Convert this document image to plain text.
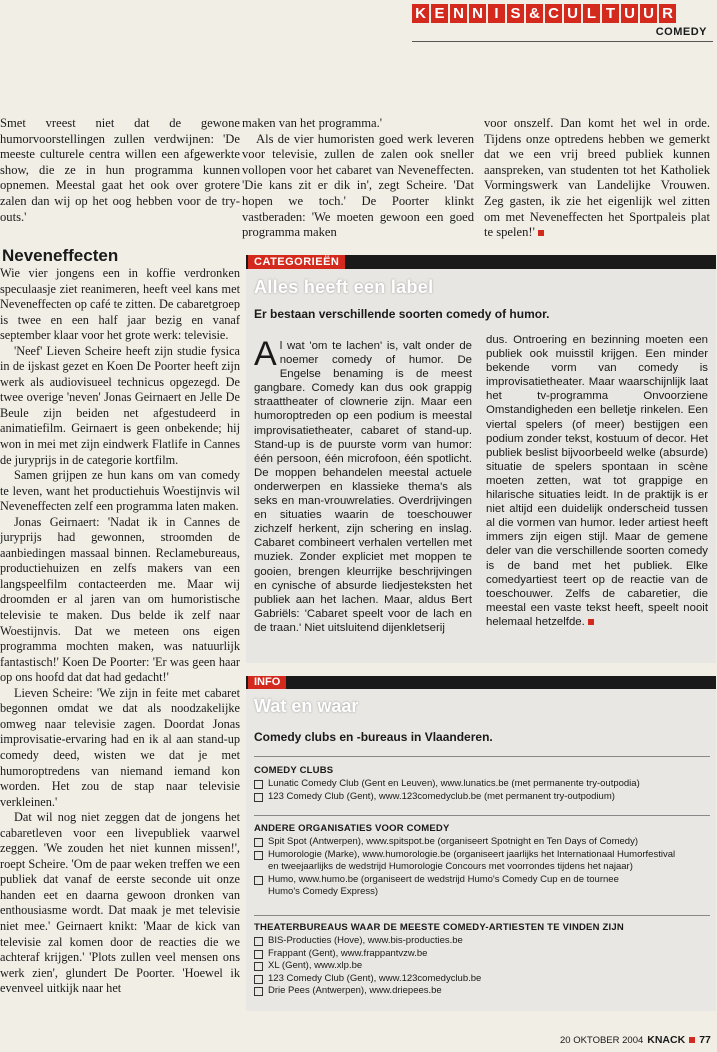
K E N N I S & C U L T U U R
COMEDY

Smet vreest niet dat de gewone humorvoorstellingen zullen verdwijnen: 'De meeste culturele centra willen een afgewerkte show, die ze in hun programma kunnen opnemen. Meestal gaat het ook over grotere zalen dan wij op het oog hebben voor de try-outs.'

maken van het programma.'

Als de vier humoristen goed werk leveren voor televisie, zullen de zalen ook sneller vollopen voor het cabaret van Neveneffecten. 'Die kans zit er dik in', zegt Scheire. 'Dat hopen we toch.' De Poorter klinkt vastberaden: 'We moeten gewoon een goed programma maken

voor onszelf. Dan komt het wel in orde. Tijdens onze optredens hebben we gemerkt dat we een vrij breed publiek kunnen aanspreken, van studenten tot het Katholiek Vormingswerk van Landelijke Vrouwen. Zeg gasten, ik zie het eigenlijk wel zitten om met Neveneffecten het Sportpaleis plat te spelen!'

Neveneffecten

Wie vier jongens een in koffie verdronken speculaasje ziet reanimeren, heeft veel kans met Neveneffecten op café te zitten. De cabaretgroep is twee en een half jaar bezig en vanaf september klaar voor het grote werk: televisie.

'Neef' Lieven Scheire heeft zijn studie fysica in de ijskast gezet en Koen De Poorter heeft zijn werk als audiovisueel technicus opgezegd. De twee overige 'neven' Jonas Geirnaert en Jelle De Beule zijn beiden net afgestudeerd in animatiefilm. Geirnaert is geen onbekende; hij won in mei met zijn eindwerk Flatlife in Cannes de juryprijs in de categorie kortfilm.

Samen grijpen ze hun kans om van comedy te leven, want het productiehuis Woestijnvis wil Neveneffecten zelf een programma laten maken.

Jonas Geirnaert: 'Nadat ik in Cannes de juryprijs had gewonnen, stroomden de aanbiedingen massaal binnen. Reclamebureaus, productiehuizen en zelfs makers van een langspeelfilm contacteerden me. Maar wij droomden er al jaren van om humoristische televisie te maken. Dus belde ik zelf naar Woestijnvis. Dat we meteen ons eigen programma mochten maken, was natuurlijk fantastisch!' Koen De Poorter: 'Er was geen haar op ons hoofd dat dat had gedacht!'

Lieven Scheire: 'We zijn in feite met cabaret begonnen omdat we dat als noodzakelijke omweg naar televisie zagen. Doordat Jonas improvisatie-ervaring had en ik al aan stand-up comedy deed, wisten we dat je met humoroptredens van niemand iemand kon worden. Het zou de stap naar televisie verkleinen.'

Dat wil nog niet zeggen dat de jongens het cabaretleven voor een livepubliek vaarwel zeggen. 'We zouden het niet kunnen missen!', roept Scheire. 'Om de paar weken treffen we een publiek dat vanaf de eerste seconde uit onze handen eet en daarna gewoon dronken van enthousiasme wordt. Dat maak je met televisie niet mee.' Geirnaert knikt: 'Maar de kick van televisie zal komen door de reacties die we achteraf krijgen.' 'Plots zullen veel mensen ons werk zien', glundert De Poorter. 'Hoewel ik evenveel uitkijk naar het

CATEGORIEËN
Alles heeft een label
Er bestaan verschillende soorten comedy of humor.
Al wat 'om te lachen' is, valt onder de noemer comedy of humor. De Engelse benaming is de meest gangbare. Comedy kan dus ook grappig straattheater of clownerie zijn. Maar een humoroptreden op een podium is meestal improvisatietheater, cabaret of stand-up. Stand-up is de puurste vorm van humor: één persoon, één microfoon, één spotlicht. De moppen behandelen meestal actuele onderwerpen en klassieke thema's als seks en man-vrouwrelaties. Overdrijvingen en situaties waarin de toeschouwer zichzelf herkent, zijn schering en inslag. Cabaret combineert verhalen vertellen met muziek. Zonder expliciet met moppen te gooien, brengen kleurrijke beschrijvingen en cynische of absurde liedjesteksten het publiek aan het lachen. Maar, aldus Bert Gabriëls: 'Cabaret speelt voor de lach en de traan.' Niet uitsluitend dijenkletserij
dus. Ontroering en bezinning moeten een publiek ook muisstil krijgen. Een minder bekende vorm van comedy is improvisatietheater. Maar waarschijnlijk laat het tv-programma Onvoorziene Omstandigheden een belletje rinkelen. Een viertal spelers (of meer) bestijgen een podium zonder tekst, kostuum of decor. Het publiek beslist bijvoorbeeld welke (absurde) situatie de spelers spontaan in scène moeten zetten, wat tot grappige en hilarische situaties leidt. In de praktijk is er niet altijd een duidelijk onderscheid tussen al die vormen van humor. Ieder artiest heeft immers zijn eigen stijl. Maar de gemene deler van die verschillende soorten comedy is de band met het publiek. Elke comedyartiest teert op de reactie van de toeschouwer. Zelfs de cabaretier, die meestal een vaste tekst heeft, speelt nooit helemaal hetzelfde.
INFO
Wat en waar
Comedy clubs en -bureaus in Vlaanderen.
COMEDY CLUBS
Lunatic Comedy Club (Gent en Leuven), www.lunatics.be (met permanente try-outpodia)
123 Comedy Club (Gent), www.123comedyclub.be (met permanent try-outpodium)
ANDERE ORGANISATIES VOOR COMEDY
Spit Spot (Antwerpen), www.spitspot.be (organiseert Spotnight en Ten Days of Comedy)
Humorologie (Marke), www.humorologie.be (organiseert jaarlijks het Internationaal Humorfestival
en tweejaarlijks de wedstrijd Humorologie Concours met voorrondes tijdens het najaar)
Humo, www.humo.be (organiseert de wedstrijd Humo's Comedy Cup en de tournee
Humo's Comedy Express)
THEATERBUREAUS WAAR DE MEESTE COMEDY-ARTIESTEN TE VINDEN ZIJN
BIS-Producties (Hove), www.bis-producties.be
Frappant (Gent), www.frappantvzw.be
XL (Gent), www.xlp.be
123 Comedy Club (Gent), www.123comedyclub.be
Drie Pees (Antwerpen), www.driepees.be
20 OKTOBER 2004 KNACK 77
